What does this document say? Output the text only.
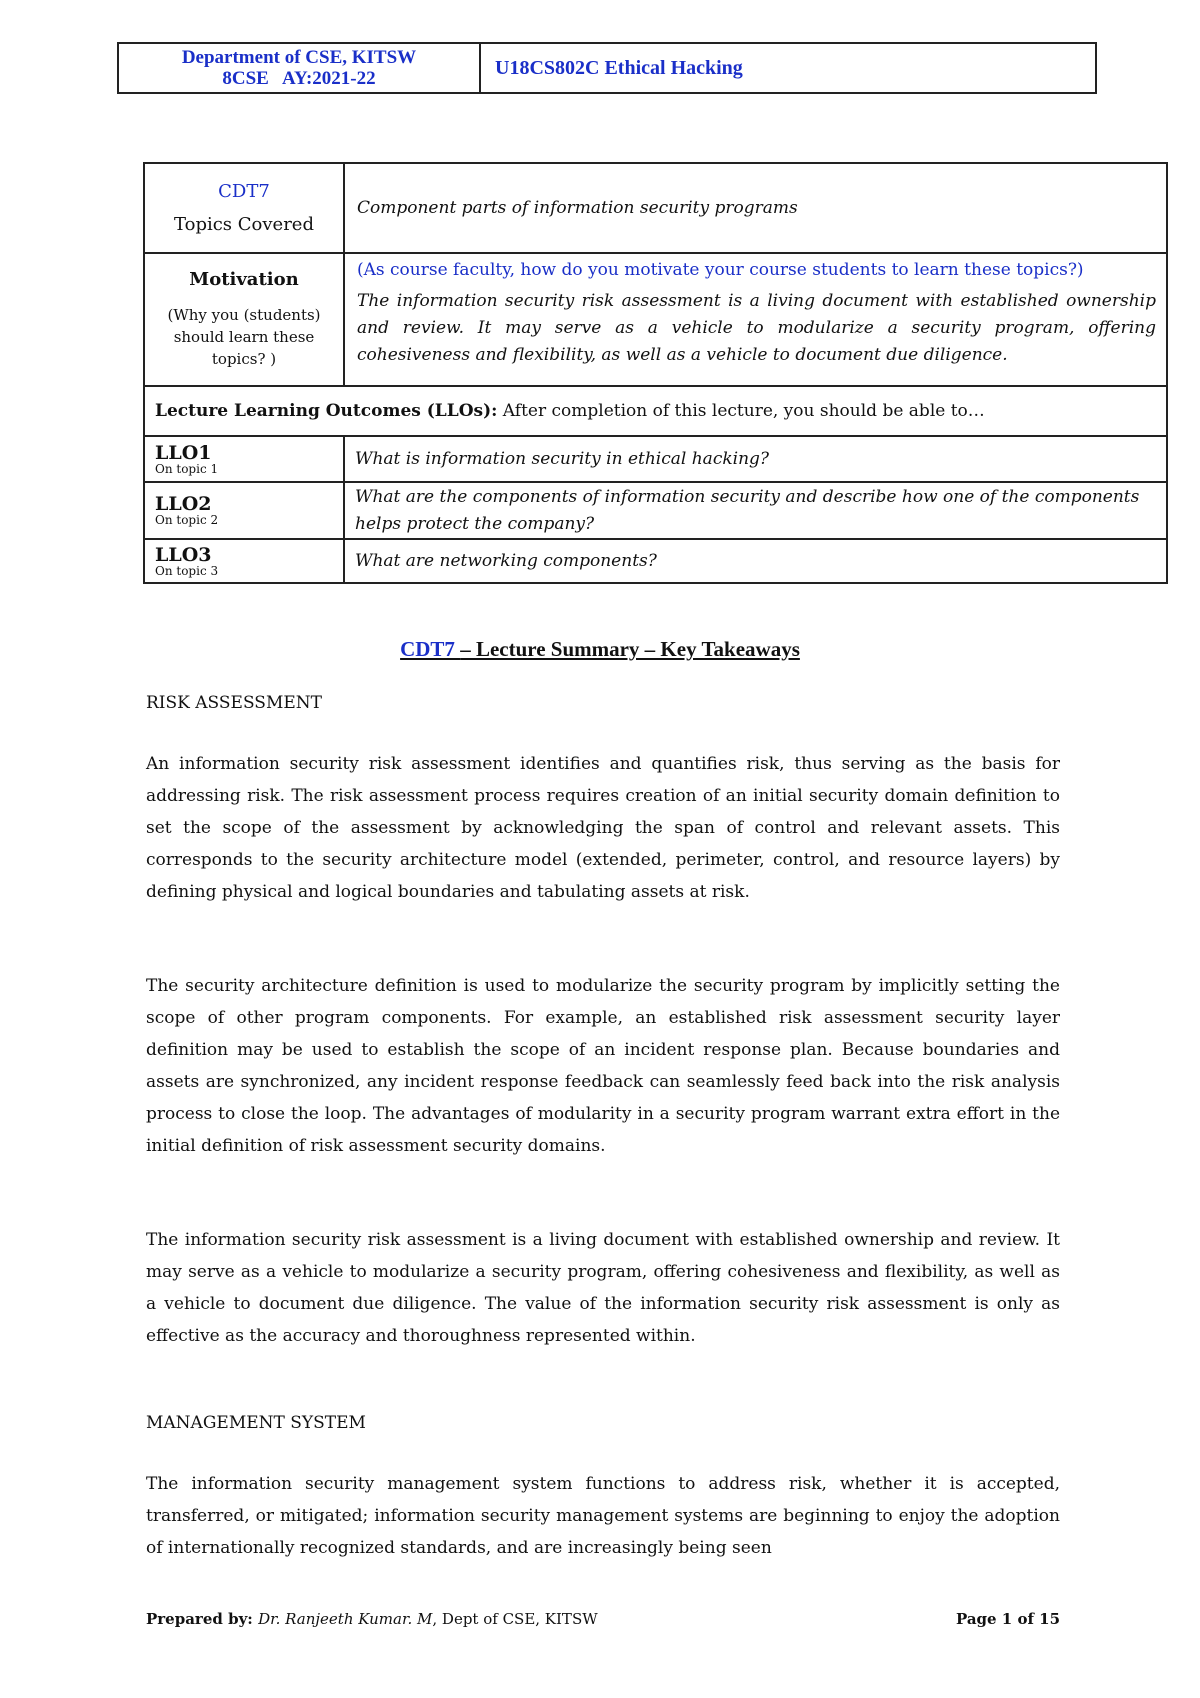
Department of CSE, KITSW
8CSE   AY:2021-22	U18CS802C Ethical Hacking
CDT7
Topics Covered	Component parts of information security programs

Motivation
(Why you (students) should learn these topics? )	(As course faculty, how do you motivate your course students to learn these topics?)
The information security risk assessment is a living document with established ownership and review. It may serve as a vehicle to modularize a security program, offering cohesiveness and flexibility, as well as a vehicle to document due diligence.

Lecture Learning Outcomes (LLOs): After completion of this lecture, you should be able to…	

LLO1
On topic 1	What is information security in ethical hacking?

LLO2
On topic 2	What are the components of information security and describe how one of the components helps protect the company?

LLO3
On topic 3	What are networking components?
CDT7 – Lecture Summary – Key Takeaways
RISK ASSESSMENT
An information security risk assessment identifies and quantifies risk, thus serving as the basis for addressing risk. The risk assessment process requires creation of an initial security domain definition to set the scope of the assessment by acknowledging the span of control and relevant assets. This corresponds to the security architecture model (extended, perimeter, control, and resource layers) by defining physical and logical boundaries and tabulating assets at risk.
The security architecture definition is used to modularize the security program by implicitly setting the scope of other program components. For example, an established risk assessment security layer definition may be used to establish the scope of an incident response plan. Because boundaries and assets are synchronized, any incident response feedback can seamlessly feed back into the risk analysis process to close the loop. The advantages of modularity in a security program warrant extra effort in the initial definition of risk assessment security domains.
The information security risk assessment is a living document with established ownership and review. It may serve as a vehicle to modularize a security program, offering cohesiveness and flexibility, as well as a vehicle to document due diligence. The value of the information security risk assessment is only as effective as the accuracy and thoroughness represented within.
MANAGEMENT SYSTEM
The information security management system functions to address risk, whether it is accepted, transferred, or mitigated; information security management systems are beginning to enjoy the adoption of internationally recognized standards, and are increasingly being seen
Prepared by: Dr. Ranjeeth Kumar. M, Dept of CSE, KITSW	Page 1 of 15
